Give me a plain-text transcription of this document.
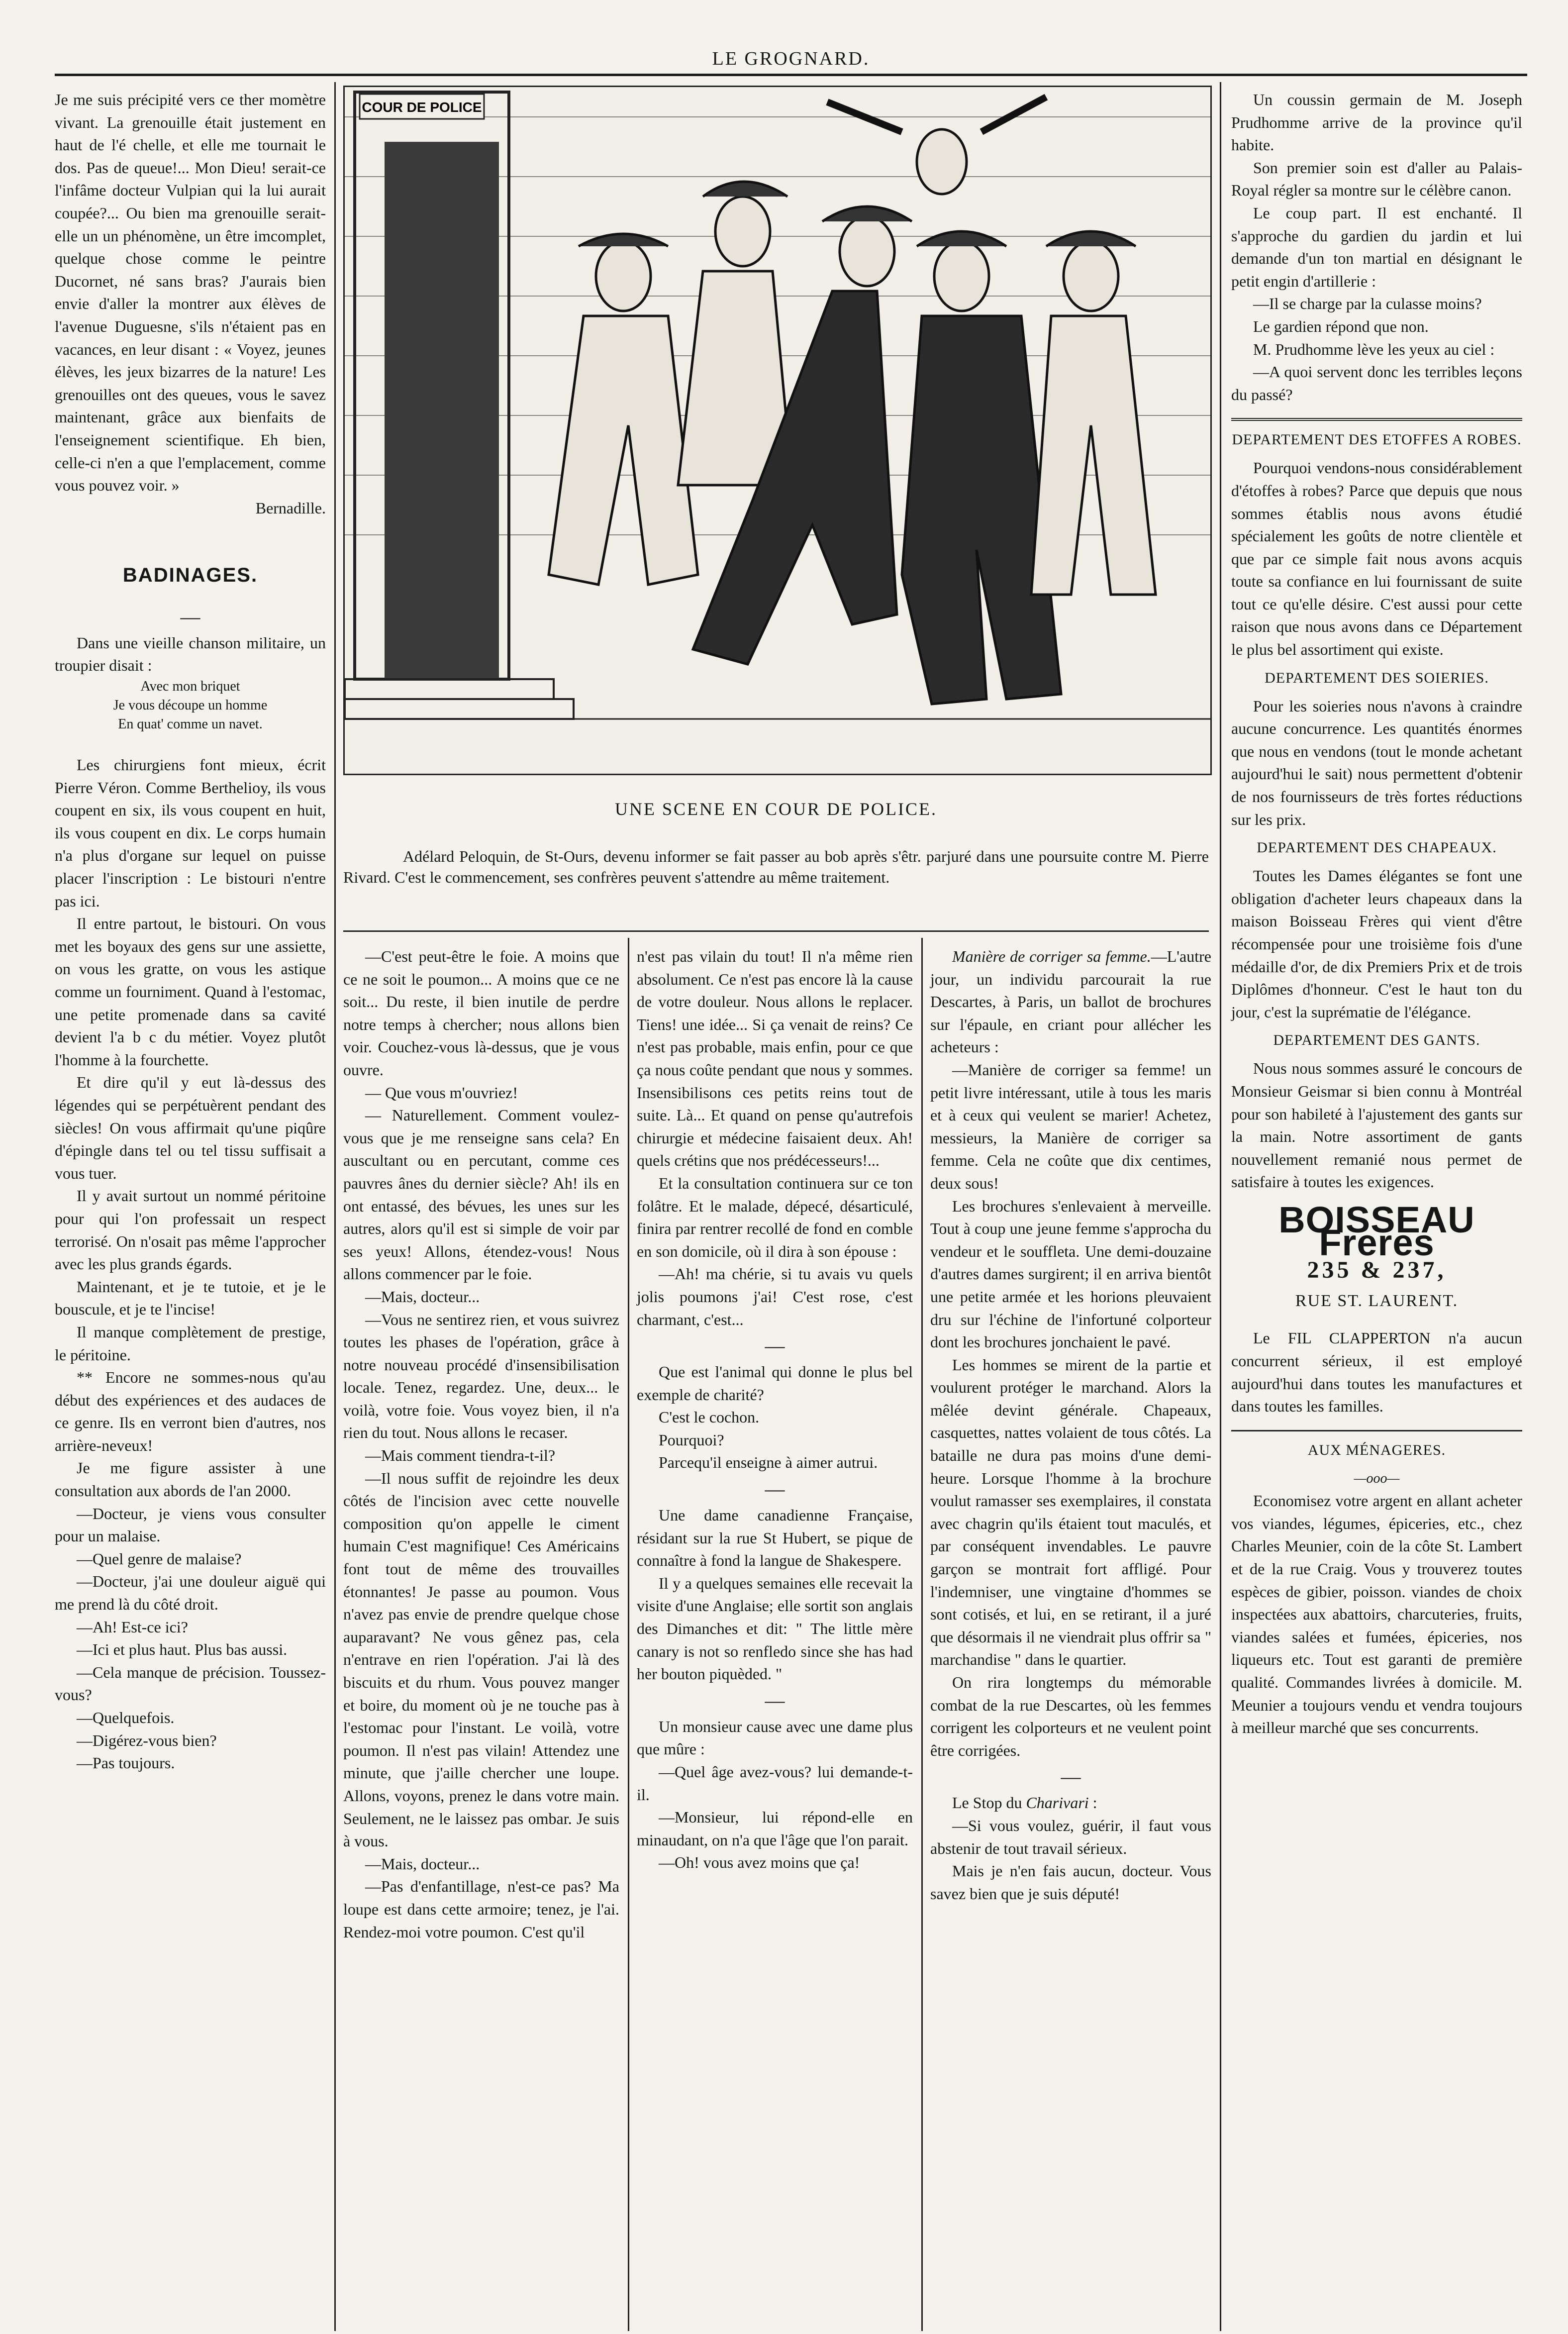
LE GROGNARD.

Je me suis précipité vers ce ther momètre vivant. La grenouille était justement en haut de l'é chelle, et elle me tournait le dos. Pas de queue!... Mon Dieu! serait-ce l'infâme docteur Vulpian qui la lui aurait coupée?... Ou bien ma grenouille serait-elle un un phénomène, un être imcomplet, quelque chose comme le peintre Ducornet, né sans bras? J'aurais bien envie d'aller la montrer aux élèves de l'avenue Duguesne, s'ils n'étaient pas en vacances, en leur disant : « Voyez, jeunes élèves, les jeux bizarres de la nature! Les grenouilles ont des queues, vous le savez maintenant, grâce aux bienfaits de l'enseignement scientifique. Eh bien, celle-ci n'en a que l'emplacement, comme vous pouvez voir. »

Bernadille.

BADINAGES.
—

Dans une vieille chanson militaire, un troupier disait :

Avec mon briquet

Je vous découpe un homme

En quat' comme un navet.

Les chirurgiens font mieux, écrit Pierre Véron. Comme Berthelioy, ils vous coupent en six, ils vous coupent en huit, ils vous coupent en dix. Le corps humain n'a plus d'organe sur lequel on puisse placer l'inscription : Le bistouri n'entre pas ici.

Il entre partout, le bistouri. On vous met les boyaux des gens sur une assiette, on vous les gratte, on vous les astique comme un fourniment. Quand à l'estomac, une petite promenade dans sa cavité devient l'a b c du métier. Voyez plutôt l'homme à la fourchette.

Et dire qu'il y eut là-dessus des légendes qui se perpétuèrent pendant des siècles! On vous affirmait qu'une piqûre d'épingle dans tel ou tel tissu suffisait a vous tuer.

Il y avait surtout un nommé péritoine pour qui l'on professait un respect terrorisé. On n'osait pas même l'approcher avec les plus grands égards.

Maintenant, et je te tutoie, et je le bouscule, et je te l'incise!

Il manque complètement de prestige, le péritoine.

** Encore ne sommes-nous qu'au début des expériences et des audaces de ce genre. Ils en verront bien d'autres, nos arrière-neveux!

Je me figure assister à une consultation aux abords de l'an 2000.

—Docteur, je viens vous consulter pour un malaise.

—Quel genre de malaise?

—Docteur, j'ai une douleur aiguë qui me prend là du côté droit.

—Ah! Est-ce ici?

—Ici et plus haut. Plus bas aussi.

—Cela manque de précision. Toussez-vous?

—Quelquefois.

—Digérez-vous bien?

—Pas toujours.

COUR DE POLICE
UNE SCENE EN COUR DE POLICE.
Adélard Peloquin, de St-Ours, devenu informer se fait passer au bob après s'êtr. parjuré dans une poursuite contre M. Pierre Rivard. C'est le commencement, ses confrères peuvent s'attendre au même traitement.

—C'est peut-être le foie. A moins que ce ne soit le poumon... A moins que ce ne soit... Du reste, il bien inutile de perdre notre temps à chercher; nous allons bien voir. Couchez-vous là-dessus, que je vous ouvre.

— Que vous m'ouvriez!

— Naturellement. Comment voulez-vous que je me renseigne sans cela? En auscultant ou en percutant, comme ces pauvres ânes du dernier siècle? Ah! ils en ont entassé, des bévues, les unes sur les autres, alors qu'il est si simple de voir par ses yeux! Allons, étendez-vous! Nous allons commencer par le foie.

—Mais, docteur...

—Vous ne sentirez rien, et vous suivrez toutes les phases de l'opération, grâce à notre nouveau procédé d'insensibilisation locale. Tenez, regardez. Une, deux... le voilà, votre foie. Vous voyez bien, il n'a rien du tout. Nous allons le recaser.

—Mais comment tiendra-t-il?

—Il nous suffit de rejoindre les deux côtés de l'incision avec cette nouvelle composition qu'on appelle le ciment humain C'est magnifique! Ces Américains font tout de même des trouvailles étonnantes! Je passe au poumon. Vous n'avez pas envie de prendre quelque chose auparavant? Ne vous gênez pas, cela n'entrave en rien l'opération. J'ai là des biscuits et du rhum. Vous pouvez manger et boire, du moment où je ne touche pas à l'estomac pour l'instant. Le voilà, votre poumon. Il n'est pas vilain! Attendez une minute, que j'aille chercher une loupe. Allons, voyons, prenez le dans votre main. Seulement, ne le laissez pas ombar. Je suis à vous.

—Mais, docteur...

—Pas d'enfantillage, n'est-ce pas? Ma loupe est dans cette armoire; tenez, je l'ai. Rendez-moi votre poumon. C'est qu'il

n'est pas vilain du tout! Il n'a même rien absolument. Ce n'est pas encore là la cause de votre douleur. Nous allons le replacer. Tiens! une idée... Si ça venait de reins? Ce n'est pas probable, mais enfin, pour ce que ça nous coûte pendant que nous y sommes. Insensibilisons ces petits reins tout de suite. Là... Et quand on pense qu'autrefois chirurgie et médecine faisaient deux. Ah! quels crétins que nos prédécesseurs!...

Et la consultation continuera sur ce ton folâtre. Et le malade, dépecé, désarticulé, finira par rentrer recollé de fond en comble en son domicile, où il dira à son épouse :

—Ah! ma chérie, si tu avais vu quels jolis poumons j'ai! C'est rose, c'est charmant, c'est...

—

Que est l'animal qui donne le plus bel exemple de charité?

C'est le cochon.

Pourquoi?

Parcequ'il enseigne à aimer autrui.

—

Une dame canadienne Française, résidant sur la rue St Hubert, se pique de connaître à fond la langue de Shakespere.

Il y a quelques semaines elle recevait la visite d'une Anglaise; elle sortit son anglais des Dimanches et dit: " The little mère canary is not so renfledo since she has had her bouton piquèded. "

—

Un monsieur cause avec une dame plus que mûre :

—Quel âge avez-vous? lui demande-t-il.

—Monsieur, lui répond-elle en minaudant, on n'a que l'âge que l'on parait.

—Oh! vous avez moins que ça!

Manière de corriger sa femme.—L'autre jour, un individu parcourait la rue Descartes, à Paris, un ballot de brochures sur l'épaule, en criant pour allécher les acheteurs :

—Manière de corriger sa femme! un petit livre intéressant, utile à tous les maris et à ceux qui veulent se marier! Achetez, messieurs, la Manière de corriger sa femme. Cela ne coûte que dix centimes, deux sous!

Les brochures s'enlevaient à merveille. Tout à coup une jeune femme s'approcha du vendeur et le souffleta. Une demi-douzaine d'autres dames surgirent; il en arriva bientôt une petite armée et les horions pleuvaient dru sur l'échine de l'infortuné colporteur dont les brochures jonchaient le pavé.

Les hommes se mirent de la partie et voulurent protéger le marchand. Alors la mêlée devint générale. Chapeaux, casquettes, nattes volaient de tous côtés. La bataille ne dura pas moins d'une demi-heure. Lorsque l'homme à la brochure voulut ramasser ses exemplaires, il constata avec chagrin qu'ils étaient tout maculés, et par conséquent invendables. Le pauvre garçon se montrait fort affligé. Pour l'indemniser, une vingtaine d'hommes se sont cotisés, et lui, en se retirant, il a juré que désormais il ne viendrait plus offrir sa " marchandise " dans le quartier.

On rira longtemps du mémorable combat de la rue Descartes, où les femmes corrigent les colporteurs et ne veulent point être corrigées.

—

Le Stop du Charivari :

—Si vous voulez, guérir, il faut vous abstenir de tout travail sérieux.

Mais je n'en fais aucun, docteur. Vous savez bien que je suis député!

Un coussin germain de M. Joseph Prudhomme arrive de la province qu'il habite.

Son premier soin est d'aller au Palais-Royal régler sa montre sur le célèbre canon.

Le coup part. Il est enchanté. Il s'approche du gardien du jardin et lui demande d'un ton martial en désignant le petit engin d'artillerie :

—Il se charge par la culasse moins?

Le gardien répond que non.

M. Prudhomme lève les yeux au ciel :

—A quoi servent donc les terribles leçons du passé?

DEPARTEMENT DES ETOFFES A ROBES.

Pourquoi vendons-nous considérablement d'étoffes à robes? Parce que depuis que nous sommes établis nous avons étudié spécialement les goûts de notre clientèle et que par ce simple fait nous avons acquis toute sa confiance en lui fournissant de suite tout ce qu'elle désire. C'est aussi pour cette raison que nous avons dans ce Département le plus bel assortiment qui existe.

DEPARTEMENT DES SOIERIES.

Pour les soieries nous n'avons à craindre aucune concurrence. Les quantités énormes que nous en vendons (tout le monde achetant aujourd'hui le sait) nous permettent d'obtenir de nos fournisseurs de très fortes réductions sur les prix.

DEPARTEMENT DES CHAPEAUX.

Toutes les Dames élégantes se font une obligation d'acheter leurs chapeaux dans la maison Boisseau Frères qui vient d'être récompensée pour une troisième fois d'une médaille d'or, de dix Premiers Prix et de trois Diplômes d'honneur. C'est le haut ton du jour, c'est la suprématie de l'élégance.

DEPARTEMENT DES GANTS.

Nous nous sommes assuré le concours de Monsieur Geismar si bien connu à Montréal pour son habileté à l'ajustement des gants sur la main. Notre assortiment de gants nouvellement remanié nous permet de satisfaire à toutes les exigences.

BOISSEAU Freres
235 & 237,
RUE ST. LAURENT.

Le FIL CLAPPERTON n'a aucun concurrent sérieux, il est employé aujourd'hui dans toutes les manufactures et dans toutes les familles.

AUX MÉNAGERES.
—ooo—

Economisez votre argent en allant acheter vos viandes, légumes, épiceries, etc., chez Charles Meunier, coin de la côte St. Lambert et de la rue Craig. Vous y trouverez toutes espèces de gibier, poisson. viandes de choix inspectées aux abattoirs, charcuteries, fruits, viandes salées et fumées, épiceries, nos liqueurs etc. Tout est garanti de première qualité. Commandes livrées à domicile. M. Meunier a toujours vendu et vendra toujours à meilleur marché que ses concurrents.
